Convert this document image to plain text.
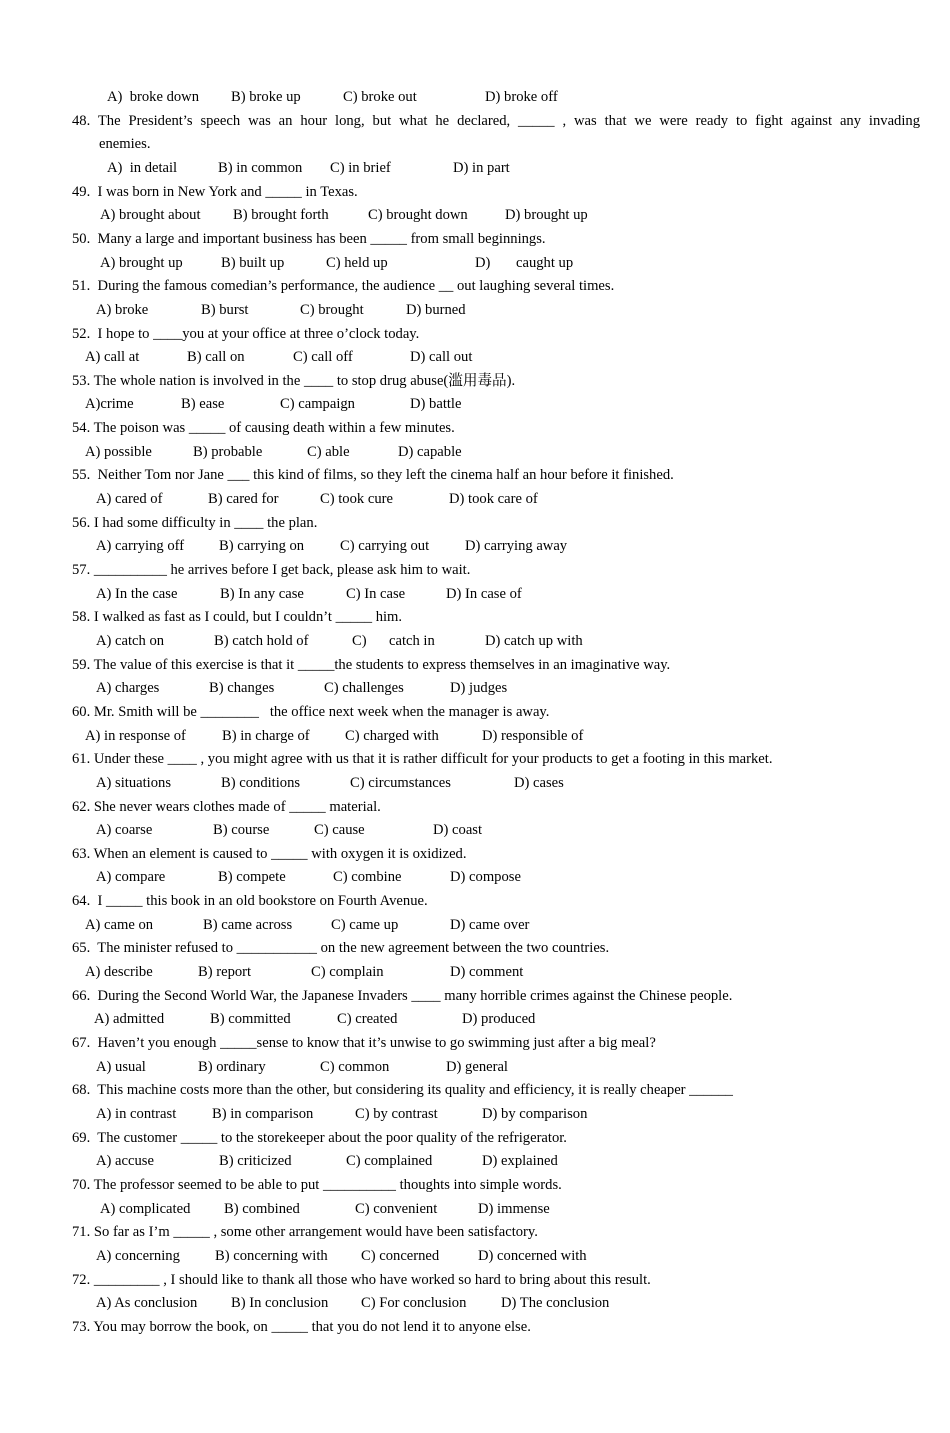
A)  broke down B) broke up	C) broke out	D) broke off
48. The President’s speech was an hour long, but what he declared, _____ , was that we were ready to fight against any invading
enemies.
A)  in detail	B) in common C) in brief	D) in part
49.  I was born in New York and _____ in Texas.
A) brought about B) brought forth	C) brought down	D) brought up
50.  Many a large and important business has been _____ from small beginnings.
A) brought up	B) built up	C) held up	D) caught up
51.  During the famous comedian’s performance, the audience __ out laughing several times.
A) broke	B) burst	C) brought	D) burned
52.  I hope to ____you at your office at three o’clock today.
A) call at	B) call on	C) call off	D) call out
53. The whole nation is involved in the ____ to stop drug abuse(滥用毒品).
A)crime	B) ease	C) campaign	D) battle
54. The poison was _____ of causing death within a few minutes.
A) possible	B) probable	C) able	D) capable
55.  Neither Tom nor Jane ___ this kind of films, so they left the cinema half an hour before it finished.
A) cared of	B) cared for	C) took cure	D) took care of
56. I had some difficulty in ____ the plan.
A) carrying off B) carrying on C) carrying out D) carrying away
57. __________ he arrives before I get back, please ask him to wait.
A) In the case	B) In any case	C) In case	D) In case of
58. I walked as fast as I could, but I couldn’t _____ him.
A) catch on	B) catch hold of	C) catch in	D) catch up with
59. The value of this exercise is that it _____the students to express themselves in an imaginative way.
A) charges	B) changes	C) challenges	D) judges
60. Mr. Smith will be ________   the office next week when the manager is away.
A) in response of B) in charge of C) charged with	D) responsible of
61. Under these ____ , you might agree with us that it is rather difficult for your products to get a footing in this market.
A) situations	B) conditions	C) circumstances	D) cases
62. She never wears clothes made of _____ material.
A) coarse	B) course	C) cause	D) coast
63. When an element is caused to _____ with oxygen it is oxidized.
A) compare	B) compete	C) combine	D) compose
64.  I _____ this book in an old bookstore on Fourth Avenue.
A) came on	B) came across	C) came up	D) came over
65.  The minister refused to ___________ on the new agreement between the two countries.
A) describe	B) report	C) complain	D) comment
66.  During the Second World War, the Japanese Invaders ____ many horrible crimes against the Chinese people.
A) admitted	B) committed	C) created	D) produced
67.  Haven’t you enough _____sense to know that it’s unwise to go swimming just after a big meal?
A) usual	B) ordinary	C) common	D) general
68.  This machine costs more than the other, but considering its quality and efficiency, it is really cheaper ______
A) in contrast B) in comparison	C) by contrast	D) by comparison
69.  The customer _____ to the storekeeper about the poor quality of the refrigerator.
A) accuse	B) criticized	C) complained	D) explained
70. The professor seemed to be able to put __________ thoughts into simple words.
A) complicated B) combined	C) convenient	D) immense
71. So far as I’m _____ , some other arrangement would have been satisfactory.
A) concerning B) concerning with C) concerned	D) concerned with
72. _________ , I should like to thank all those who have worked so hard to bring about this result.
A) As conclusion B) In conclusion C) For conclusion D) The conclusion
73. You may borrow the book, on _____ that you do not lend it to anyone else.
